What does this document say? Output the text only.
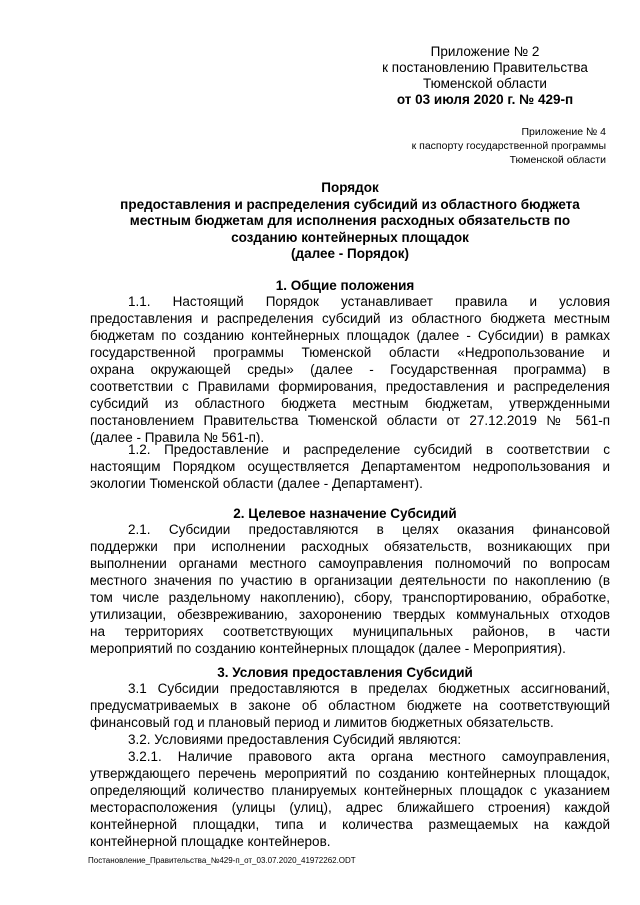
Приложение № 2
к постановлению Правительства
Тюменской области
от 03 июля 2020 г. № 429-п
Приложение № 4
к паспорту государственной программы
Тюменской области
Порядок
предоставления и распределения субсидий из областного бюджета
местным бюджетам для исполнения расходных обязательств по
созданию контейнерных площадок
(далее - Порядок)
1. Общие положения
1.1. Настоящий Порядок устанавливает правила и условия
предоставления и распределения субсидий из областного бюджета местным
бюджетам по созданию контейнерных площадок (далее - Субсидии) в рамках
государственной программы Тюменской области «Недропользование и
охрана окружающей среды» (далее - Государственная программа) в
соответствии с Правилами формирования, предоставления и распределения
субсидий из областного бюджета местным бюджетам, утвержденными
постановлением Правительства Тюменской области от 27.12.2019 № 561-п
(далее - Правила № 561-п).
1.2. Предоставление и распределение субсидий в соответствии с
настоящим Порядком осуществляется Департаментом недропользования и
экологии Тюменской области (далее - Департамент).
2. Целевое назначение Субсидий
2.1. Субсидии предоставляются в целях оказания финансовой
поддержки при исполнении расходных обязательств, возникающих при
выполнении органами местного самоуправления полномочий по вопросам
местного значения по участию в организации деятельности по накоплению (в
том числе раздельному накоплению), сбору, транспортированию, обработке,
утилизации, обезвреживанию, захоронению твердых коммунальных отходов
на территориях соответствующих муниципальных районов, в части
мероприятий по созданию контейнерных площадок (далее - Мероприятия).
3. Условия предоставления Субсидий
3.1 Субсидии предоставляются в пределах бюджетных ассигнований,
предусматриваемых в законе об областном бюджете на соответствующий
финансовый год и плановый период и лимитов бюджетных обязательств.
3.2. Условиями предоставления Субсидий являются:
3.2.1. Наличие правового акта органа местного самоуправления,
утверждающего перечень мероприятий по созданию контейнерных площадок,
определяющий количество планируемых контейнерных площадок с указанием
месторасположения (улицы (улиц), адрес ближайшего строения) каждой
контейнерной площадки, типа и количества размещаемых на каждой
контейнерной площадке контейнеров.
Постановление_Правительства_№429-п_от_03.07.2020_41972262.ODT
